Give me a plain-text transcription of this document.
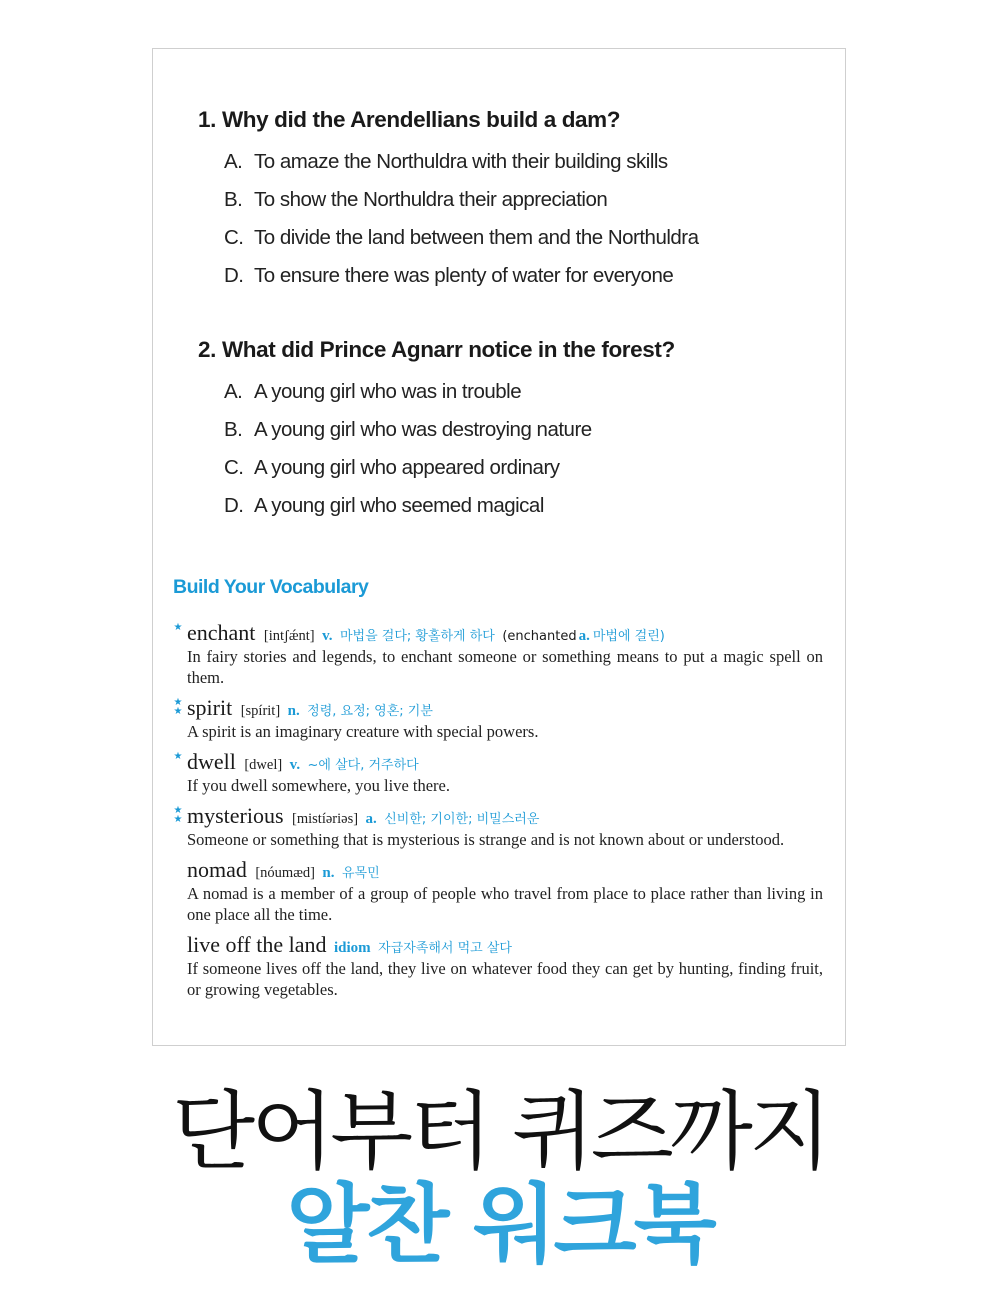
1. Why did the Arendellians build a dam?
A. To amaze the Northuldra with their building skills
B. To show the Northuldra their appreciation
C. To divide the land between them and the Northuldra
D. To ensure there was plenty of water for everyone
2. What did Prince Agnarr notice in the forest?
A. A young girl who was in trouble
B. A young girl who was destroying nature
C. A young girl who appeared ordinary
D. A young girl who seemed magical
Build Your Vocabulary
★ enchant [intʃǽnt] v. 마법을 걸다; 황홀하게 하다 (enchanted a. 마법에 걸린)

In fairy stories and legends, to enchant someone or something means to put a magic spell on them.

★
★ spirit [spírit] n. 정령, 요정; 영혼; 기분

A spirit is an imaginary creature with special powers.

★ dwell [dwel] v. ~에 살다, 거주하다

If you dwell somewhere, you live there.

★
★ mysterious [mistíəriəs] a. 신비한; 기이한; 비밀스러운

Someone or something that is mysterious is strange and is not known about or understood.

nomad [nóumæd] n. 유목민

A nomad is a member of a group of people who travel from place to place rather than living in one place all the time.

live off the land idiom 자급자족해서 먹고 살다

If someone lives off the land, they live on whatever food they can get by hunting, finding fruit, or growing vegetables.

단어부터 퀴즈까지
알찬 워크북
